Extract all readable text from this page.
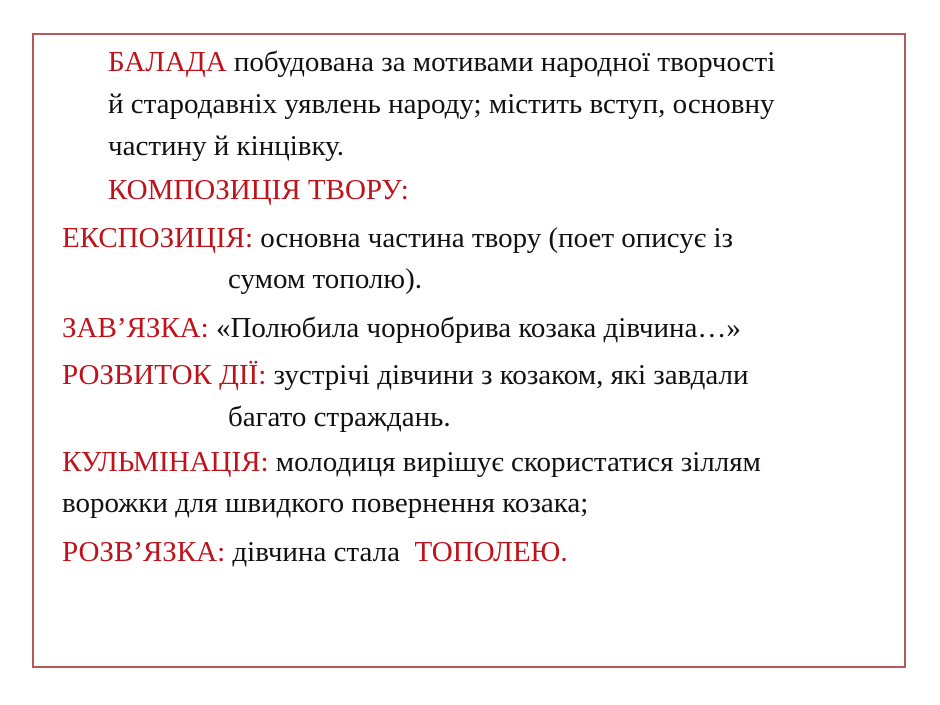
БАЛАДА побудована за мотивами народної творчості
й стародавніх уявлень народу; містить вступ, основну
частину й кінцівку.
КОМПОЗИЦІЯ ТВОРУ:
ЕКСПОЗИЦІЯ: основна частина твору (поет описує із
сумом тополю).
ЗАВ’ЯЗКА: «Полюбила чорнобрива козака дівчина…»
РОЗВИТОК ДІЇ: зустрічі дівчини з козаком, які завдали
багато страждань.
КУЛЬМІНАЦІЯ: молодиця вирішує скористатися зіллям
ворожки для швидкого повернення козака;
РОЗВ’ЯЗКА: дівчина стала  ТОПОЛЕЮ.
